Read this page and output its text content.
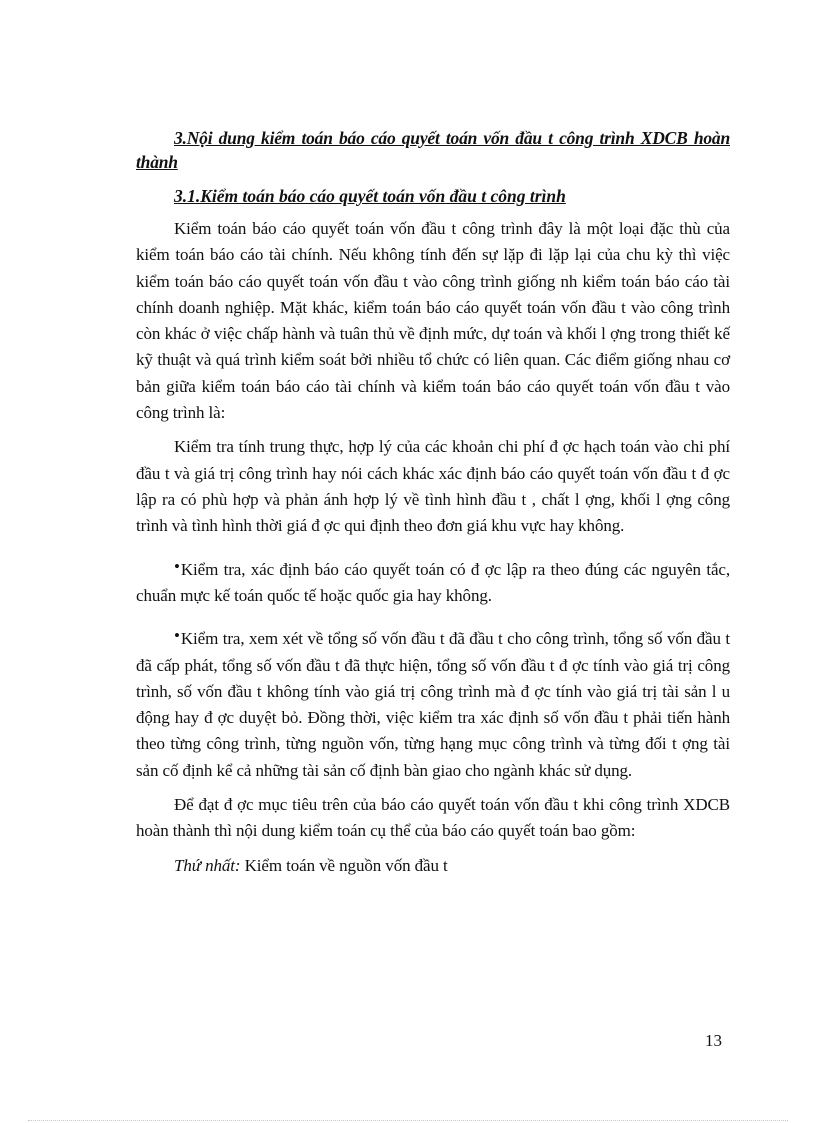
3.Nội dung kiểm toán báo cáo quyết toán vốn đầu t công trình XDCB hoàn thành

3.1.Kiểm toán báo cáo quyết toán vốn đầu t công trình

Kiểm toán báo cáo quyết toán vốn đầu t công trình đây là một loại đặc thù của kiểm toán báo cáo tài chính. Nếu không tính đến sự lặp đi lặp lại của chu kỳ thì việc kiểm toán báo cáo quyết toán vốn đầu t vào công trình giống nh kiểm toán báo cáo tài chính doanh nghiệp. Mặt khác, kiểm toán báo cáo quyết toán vốn đầu t vào công trình còn khác ở việc chấp hành và tuân thủ về định mức, dự toán và khối l ợng trong thiết kế kỹ thuật và quá trình kiểm soát bởi nhiều tổ chức có liên quan. Các điểm giống nhau cơ bản giữa kiểm toán báo cáo tài chính và kiểm toán báo cáo quyết toán vốn đầu t vào công trình là:

Kiểm tra tính trung thực, hợp lý của các khoản chi phí đ ợc hạch toán vào chi phí đầu t và giá trị công trình hay nói cách khác xác định báo cáo quyết toán vốn đầu t đ ợc lập ra có phù hợp và phản ánh hợp lý về tình hình đầu t , chất l ợng, khối l ợng công trình và tình hình thời giá đ ợc qui định theo đơn giá khu vực hay không.

•Kiểm tra, xác định báo cáo quyết toán có đ ợc lập ra theo đúng các nguyên tắc, chuẩn mực kế toán quốc tế hoặc quốc gia hay không.

•Kiểm tra, xem xét về tổng số vốn đầu t đã đầu t cho công trình, tổng số vốn đầu t đã cấp phát, tổng số vốn đầu t đã thực hiện, tổng số vốn đầu t đ ợc tính vào giá trị công trình, số vốn đầu t không tính vào giá trị công trình mà đ ợc tính vào giá trị tài sản l u động hay đ ợc duyệt bỏ. Đồng thời, việc kiểm tra xác định số vốn đầu t phải tiến hành theo từng công trình, từng nguồn vốn, từng hạng mục công trình và từng đối t ợng tài sản cố định kể cả những tài sản cố định bàn giao cho ngành khác sử dụng.

Để đạt đ ợc mục tiêu trên của báo cáo quyết toán vốn đầu t khi công trình XDCB hoàn thành thì nội dung kiểm toán cụ thể của báo cáo quyết toán bao gồm:

Thứ nhất: Kiểm toán về nguồn vốn đầu t

13
